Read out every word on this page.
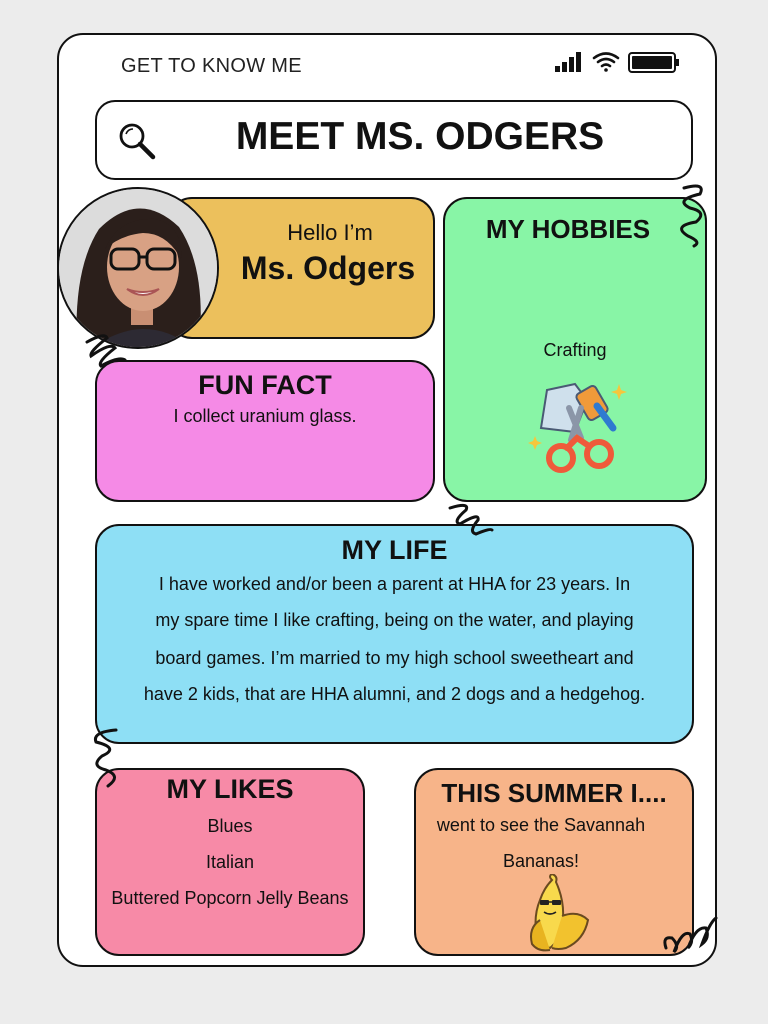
GET TO KNOW ME
MEET MS. ODGERS
Hello I’m
Ms. Odgers
MY HOBBIES
Crafting
FUN FACT
I collect uranium glass.
MY LIFE
I have worked and/or been a parent at HHA for 23 years. In
my spare time I like crafting, being on the water, and playing
board games. I’m married to my high school sweetheart and
have 2 kids, that are HHA alumni, and 2 dogs and a hedgehog.
MY LIKES
Blues
Italian
Buttered Popcorn Jelly Beans
THIS SUMMER I....
went to see the Savannah
Bananas!
